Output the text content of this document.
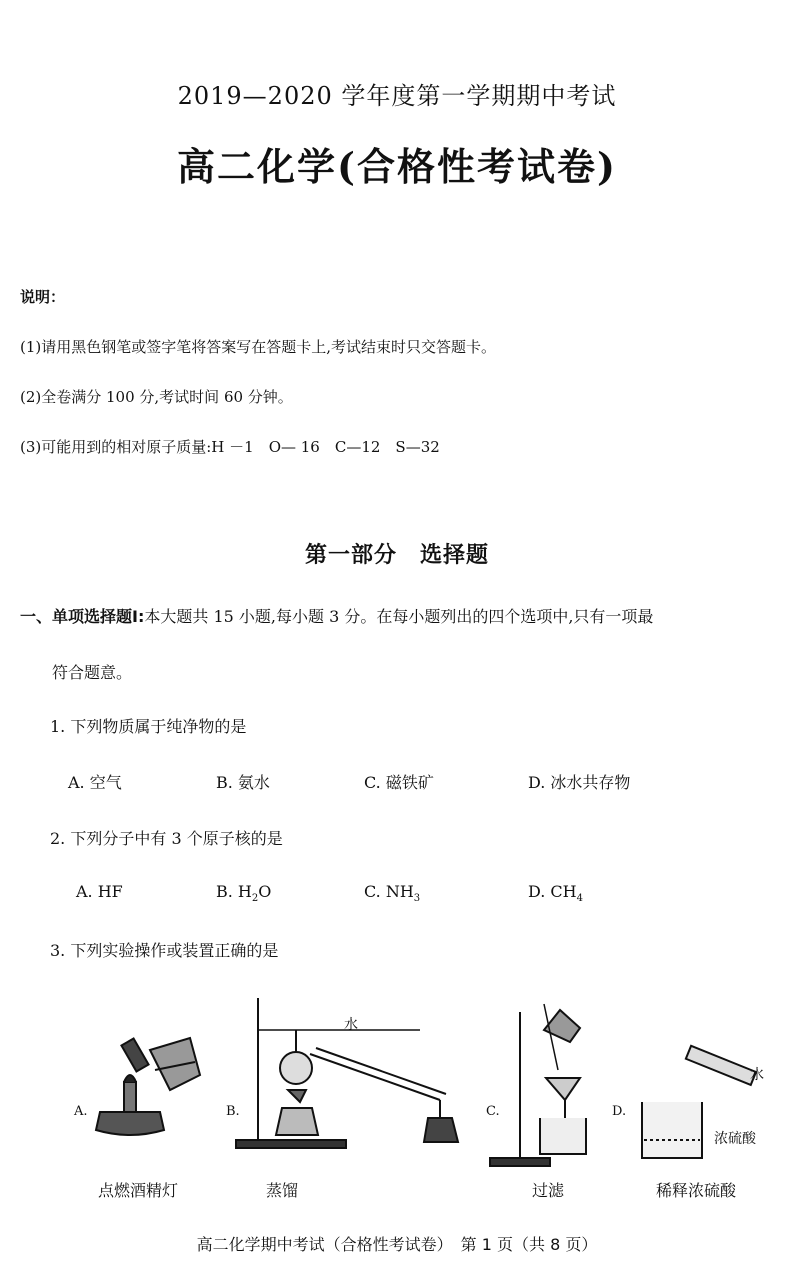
2019—2020 学年度第一学期期中考试
高二化学(合格性考试卷)
说明：
(1)请用黑色钢笔或签字笔将答案写在答题卡上,考试结束时只交答题卡。
(2)全卷满分 100 分,考试时间 60 分钟。
(3)可能用到的相对原子质量:H －1　O— 16　C—12　S—32
第一部分　选择题
一、单项选择题Ⅰ:本大题共 15 小题,每小题 3 分。在每小题列出的四个选项中,只有一项最
符合题意。
1. 下列物质属于纯净物的是
A. 空气	B. 氨水	C. 磁铁矿	D. 冰水共存物
2. 下列分子中有 3 个原子核的是
A. HF	B. $H_2O$	C. $NH_3$	D. $CH_4$
3. 下列实验操作或装置正确的是
A.	B.	C.	D.
水
水
浓硫酸
点燃酒精灯	蒸馏	过滤	稀释浓硫酸
高二化学期中考试（合格性考试卷）　第 1 页（共 8 页）
